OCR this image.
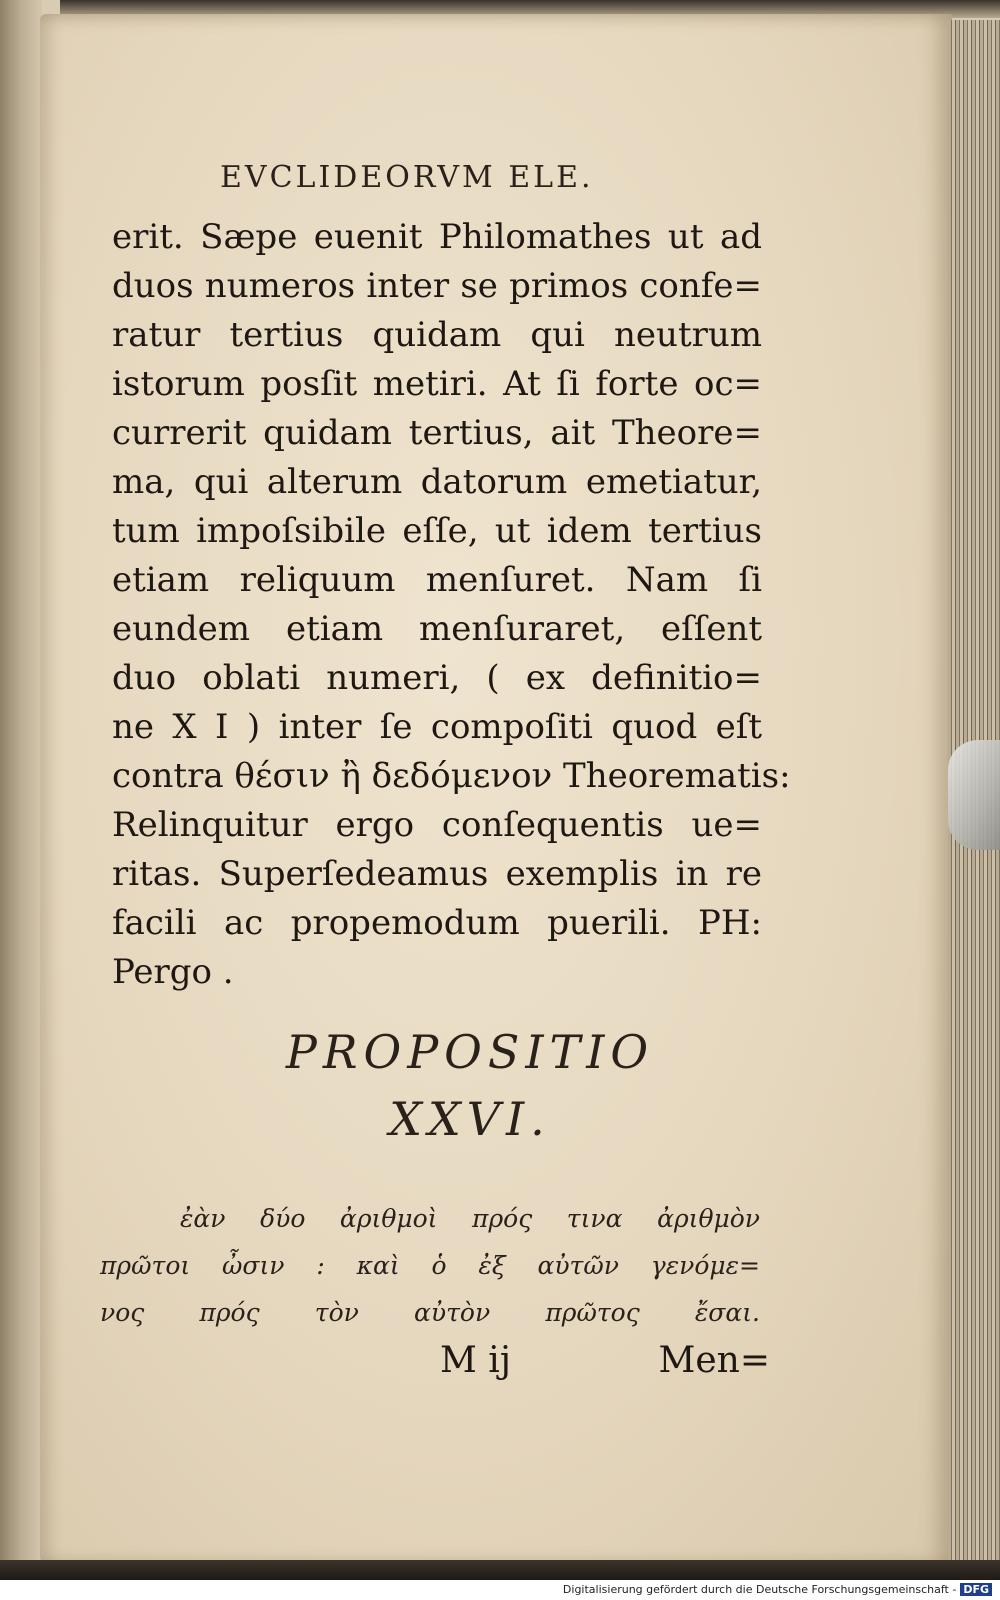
EVCLIDEORVM ELE.
erit. Sæpe euenit Philomathes ut ad
duos numeros inter se primos confe=
ratur tertius quidam qui neutrum
istorum posſit metiri. At ſi forte oc=
currerit quidam tertius, ait Theore=
ma, qui alterum datorum emetiatur,
tum impoſsibile eſſe, ut idem tertius
etiam reliquum menſuret. Nam ſi
eundem etiam menſuraret, eſſent
duo oblati numeri, ( ex definitio=
ne X I ) inter ſe compoſiti quod eſt
contra θέσιν ἢ δεδόμενον Theorematis:
Relinquitur ergo conſequentis ue=
ritas. Superſedeamus exemplis in re
facili ac propemodum puerili. PH:
Pergo .
PROPOSITIO
XXVI.
ἐὰν δύο ἀριθμοὶ πρός τινα ἀριθμὸν
πρῶτοι ὦσιν : καὶ ὁ ἐξ αὐτῶν γενόμε=
νος πρός τὸν αὐτὸν πρῶτος ἔσαι.
M ij	Men=
Digitalisierung gefördert durch die Deutsche Forschungsgemeinschaft - DFG
